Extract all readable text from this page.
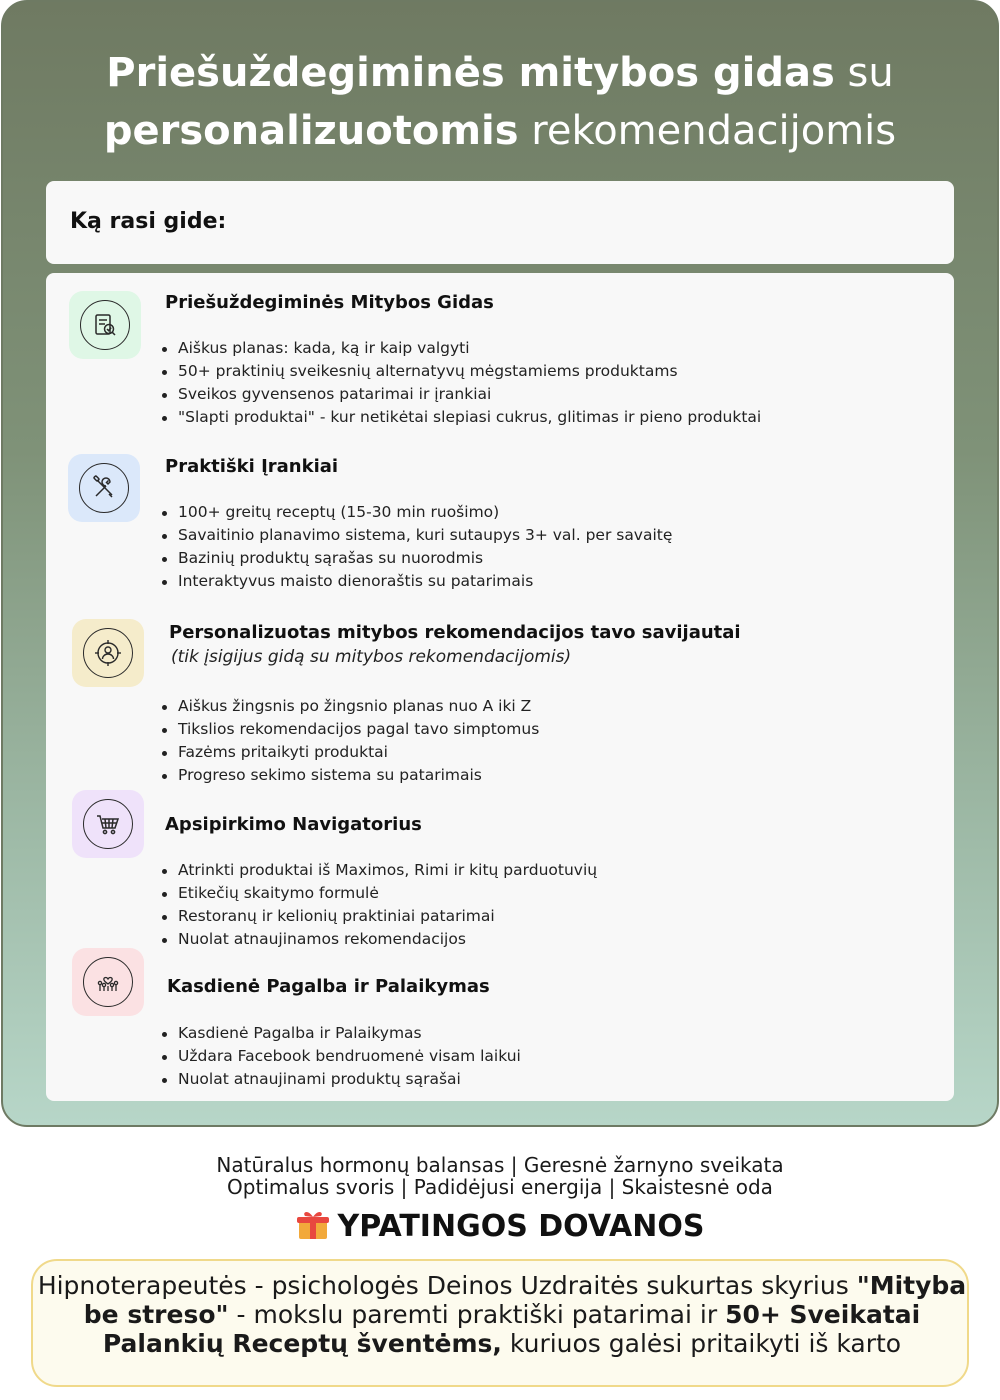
Priešuždegiminės mitybos gidas su
personalizuotomis rekomendacijomis
Ką rasi gide:
Priešuždegiminės Mitybos Gidas
Aiškus planas: kada, ką ir kaip valgyti
50+ praktinių sveikesnių alternatyvų mėgstamiems produktams
Sveikos gyvensenos patarimai ir įrankiai
"Slapti produktai" - kur netikėtai slepiasi cukrus, glitimas ir pieno produktai
Praktiški Įrankiai
100+ greitų receptų (15-30 min ruošimo)
Savaitinio planavimo sistema, kuri sutaupys 3+ val. per savaitę
Bazinių produktų sąrašas su nuorodmis
Interaktyvus maisto dienoraštis su patarimais
Personalizuotas mitybos rekomendacijos tavo savijautai
(tik įsigijus gidą su mitybos rekomendacijomis)
Aiškus žingsnis po žingsnio planas nuo A iki Z
Tikslios rekomendacijos pagal tavo simptomus
Fazėms pritaikyti produktai
Progreso sekimo sistema su patarimais
Apsipirkimo Navigatorius
Atrinkti produktai iš Maximos, Rimi ir kitų parduotuvių
Etikečių skaitymo formulė
Restoranų ir kelionių praktiniai patarimai
Nuolat atnaujinamos rekomendacijos
Kasdienė Pagalba ir Palaikymas
Kasdienė Pagalba ir Palaikymas
Uždara Facebook bendruomenė visam laikui
Nuolat atnaujinami produktų sąrašai
Natūralus hormonų balansas | Geresnė žarnyno sveikata
Optimalus svoris | Padidėjusi energija | Skaistesnė oda
YPATINGOS DOVANOS
Hipnoterapeutės - psichologės Deinos Uzdraitės sukurtas skyrius "Mityba be streso" - mokslu paremti praktiški patarimai ir 50+ Sveikatai Palankių Receptų šventėms, kuriuos galėsi pritaikyti iš karto
